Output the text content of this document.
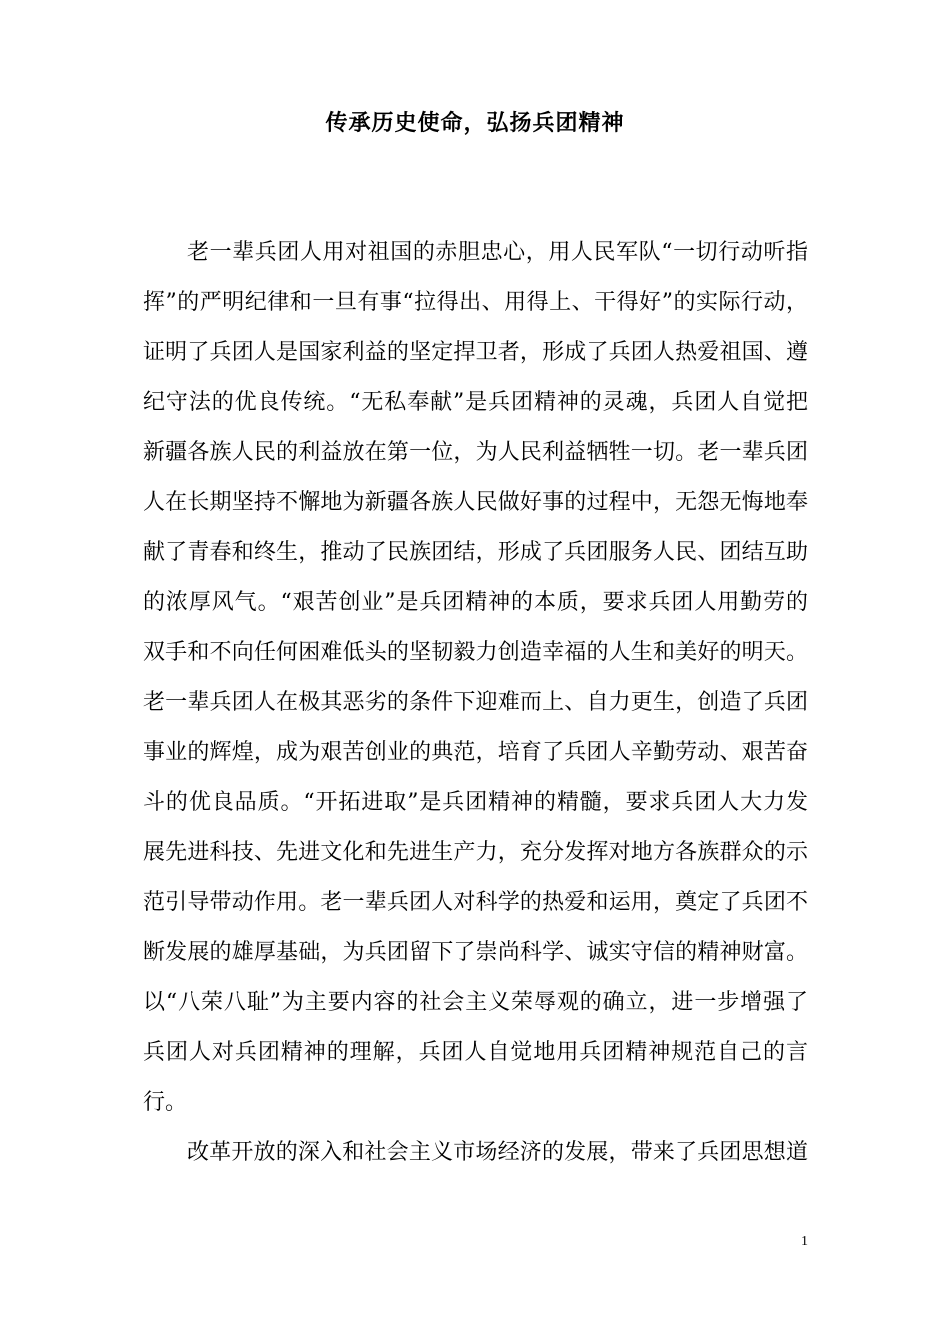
传承历史使命，弘扬兵团精神
老一辈兵团人用对祖国的赤胆忠心，用人民军队“一切行动听指
挥”的严明纪律和一旦有事“拉得出、用得上、干得好”的实际行动，
证明了兵团人是国家利益的坚定捍卫者，形成了兵团人热爱祖国、遵
纪守法的优良传统。“无私奉献”是兵团精神的灵魂，兵团人自觉把
新疆各族人民的利益放在第一位，为人民利益牺牲一切。老一辈兵团
人在长期坚持不懈地为新疆各族人民做好事的过程中，无怨无悔地奉
献了青春和终生，推动了民族团结，形成了兵团服务人民、团结互助
的浓厚风气。“艰苦创业”是兵团精神的本质，要求兵团人用勤劳的
双手和不向任何困难低头的坚韧毅力创造幸福的人生和美好的明天。
老一辈兵团人在极其恶劣的条件下迎难而上、自力更生，创造了兵团
事业的辉煌，成为艰苦创业的典范，培育了兵团人辛勤劳动、艰苦奋
斗的优良品质。“开拓进取”是兵团精神的精髓，要求兵团人大力发
展先进科技、先进文化和先进生产力，充分发挥对地方各族群众的示
范引导带动作用。老一辈兵团人对科学的热爱和运用，奠定了兵团不
断发展的雄厚基础，为兵团留下了崇尚科学、诚实守信的精神财富。
以“八荣八耻”为主要内容的社会主义荣辱观的确立，进一步增强了
兵团人对兵团精神的理解，兵团人自觉地用兵团精神规范自己的言
行。
改革开放的深入和社会主义市场经济的发展，带来了兵团思想道
1
